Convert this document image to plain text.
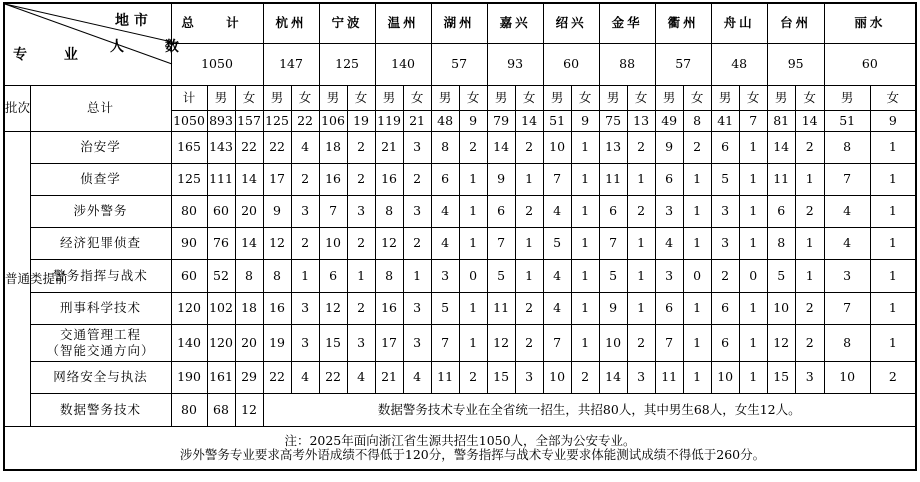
地 市
人 数
专 业		总 计			杭州		宁波		温州		湖州		嘉兴		绍兴		金华		衢州		舟山		台州		丽水	
		1050			147		125		140		57		93		60		88		57		48		95		60	
批次	总计	计	男	女	男	女	男	女	男	女	男	女	男	女	男	女	男	女	男	女	男	女	男	女	男	女
		1050	893	157	125	22	106	19	119	21	48	9	79	14	51	9	75	13	49	8	41	7	81	14	51	9
普通类提前	治安学	165	143	22	22	4	18	2	21	3	8	2	14	2	10	1	13	2	9	2	6	1	14	2	8	1
	侦查学	125	111	14	17	2	16	2	16	2	6	1	9	1	7	1	11	1	6	1	5	1	11	1	7	1
	涉外警务	80	60	20	9	3	7	3	8	3	4	1	6	2	4	1	6	2	3	1	3	1	6	2	4	1
	经济犯罪侦查	90	76	14	12	2	10	2	12	2	4	1	7	1	5	1	7	1	4	1	3	1	8	1	4	1
	警务指挥与战术	60	52	8	8	1	6	1	8	1	3	0	5	1	4	1	5	1	3	0	2	0	5	1	3	1
	刑事科学技术	120	102	18	16	3	12	2	16	3	5	1	11	2	4	1	9	1	6	1	6	1	10	2	7	1
	交通管理工程
（智能交通方向）	140	120	20	19	3	15	3	17	3	7	1	12	2	7	1	10	2	7	1	6	1	12	2	8	1
	网络安全与执法	190	161	29	22	4	22	4	21	4	11	2	15	3	10	2	14	3	11	1	10	1	15	3	10	2
	数据警务技术	80	68	12	数据警务技术专业在全省统一招生，共招80人，其中男生68人，女生12人。																					

注：2025年面向浙江省生源共招生1050人，全部为公安专业。
　　涉外警务专业要求高考外语成绩不得低于120分，警务指挥与战术专业要求体能测试成绩不得低于260分。																										
